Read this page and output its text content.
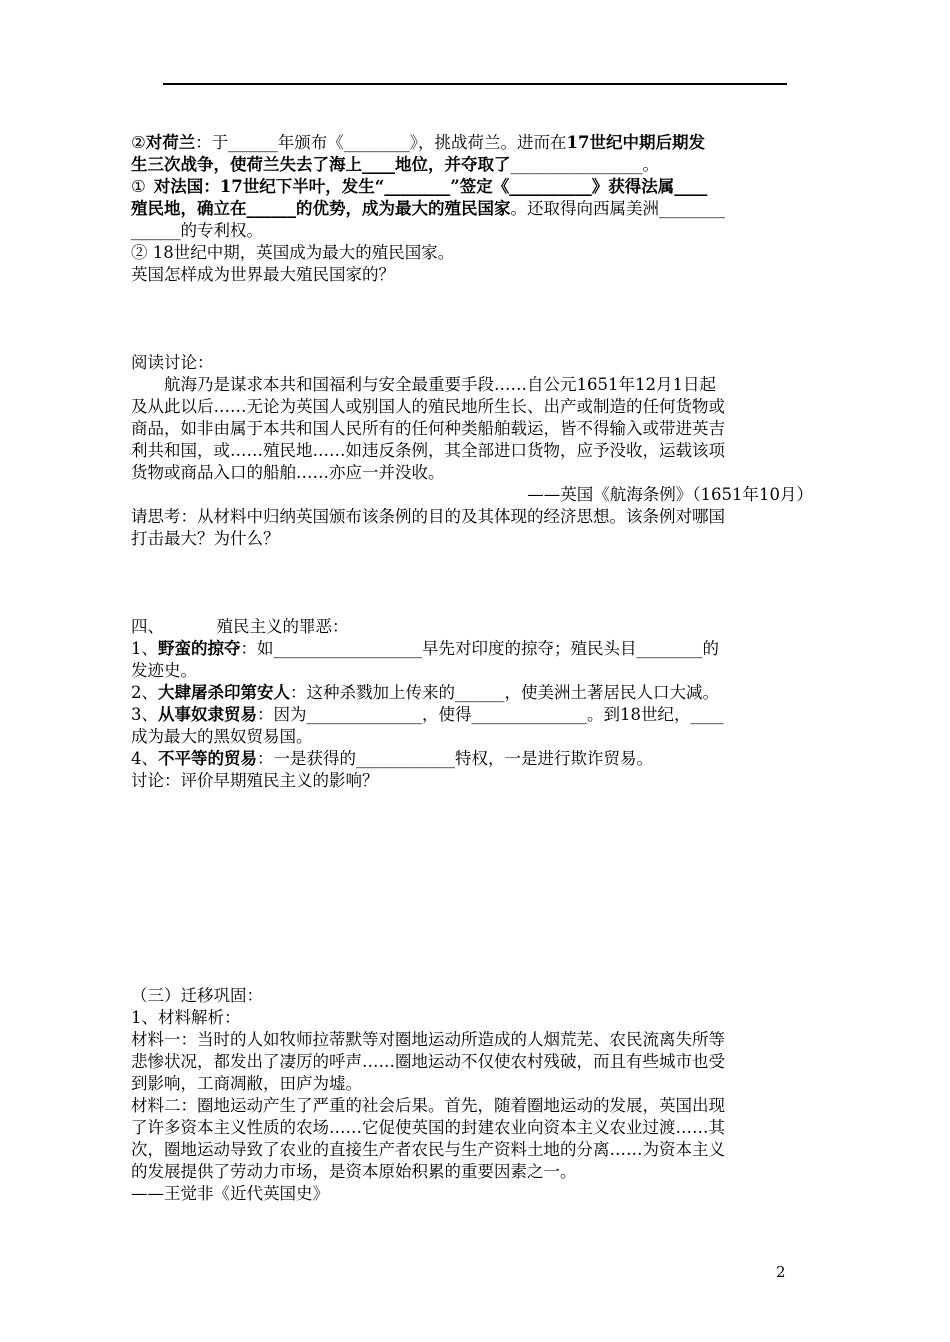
②对荷兰：于______年颁布《________》，挑战荷兰。进而在17世纪中期后期发

生三次战争，使荷兰失去了海上____地位，并夺取了________________。

① 对法国：17世纪下半叶，发生“________”签定《__________》获得法属____

殖民地，确立在______的优势，成为最大的殖民国家。还取得向西属美洲________

______的专利权。

② 18世纪中期，英国成为最大的殖民国家。

英国怎样成为世界最大殖民国家的？

阅读讨论：

航海乃是谋求本共和国福利与安全最重要手段……自公元1651年12月1日起

及从此以后……无论为英国人或别国人的殖民地所生长、出产或制造的任何货物或

商品，如非由属于本共和国人民所有的任何种类船舶载运，皆不得输入或带进英吉

利共和国，或……殖民地……如违反条例，其全部进口货物，应予没收，运载该项

货物或商品入口的船舶……亦应一并没收。

——英国《航海条例》（1651年10月）

请思考：从材料中归纳英国颁布该条例的目的及其体现的经济思想。该条例对哪国

打击最大？为什么？

四、          殖民主义的罪恶：

1、野蛮的掠夺：如__________________早先对印度的掠夺；殖民头目________的

发迹史。

2、大肆屠杀印第安人：这种杀戮加上传来的______，使美洲土著居民人口大减。

3、从事奴隶贸易：因为______________，使得______________。到18世纪，____

成为最大的黑奴贸易国。

4、不平等的贸易：一是获得的____________特权，一是进行欺诈贸易。

讨论：评价早期殖民主义的影响？

（三）迁移巩固：

1、材料解析：

材料一：当时的人如牧师拉蒂默等对圈地运动所造成的人烟荒芜、农民流离失所等

悲惨状况，都发出了凄厉的呼声……圈地运动不仅使农村残破，而且有些城市也受

到影响，工商凋敝，田庐为墟。

材料二：圈地运动产生了严重的社会后果。首先，随着圈地运动的发展，英国出现

了许多资本主义性质的农场……它促使英国的封建农业向资本主义农业过渡……其

次，圈地运动导致了农业的直接生产者农民与生产资料土地的分离……为资本主义

的发展提供了劳动力市场，是资本原始积累的重要因素之一。

——王觉非《近代英国史》

2
